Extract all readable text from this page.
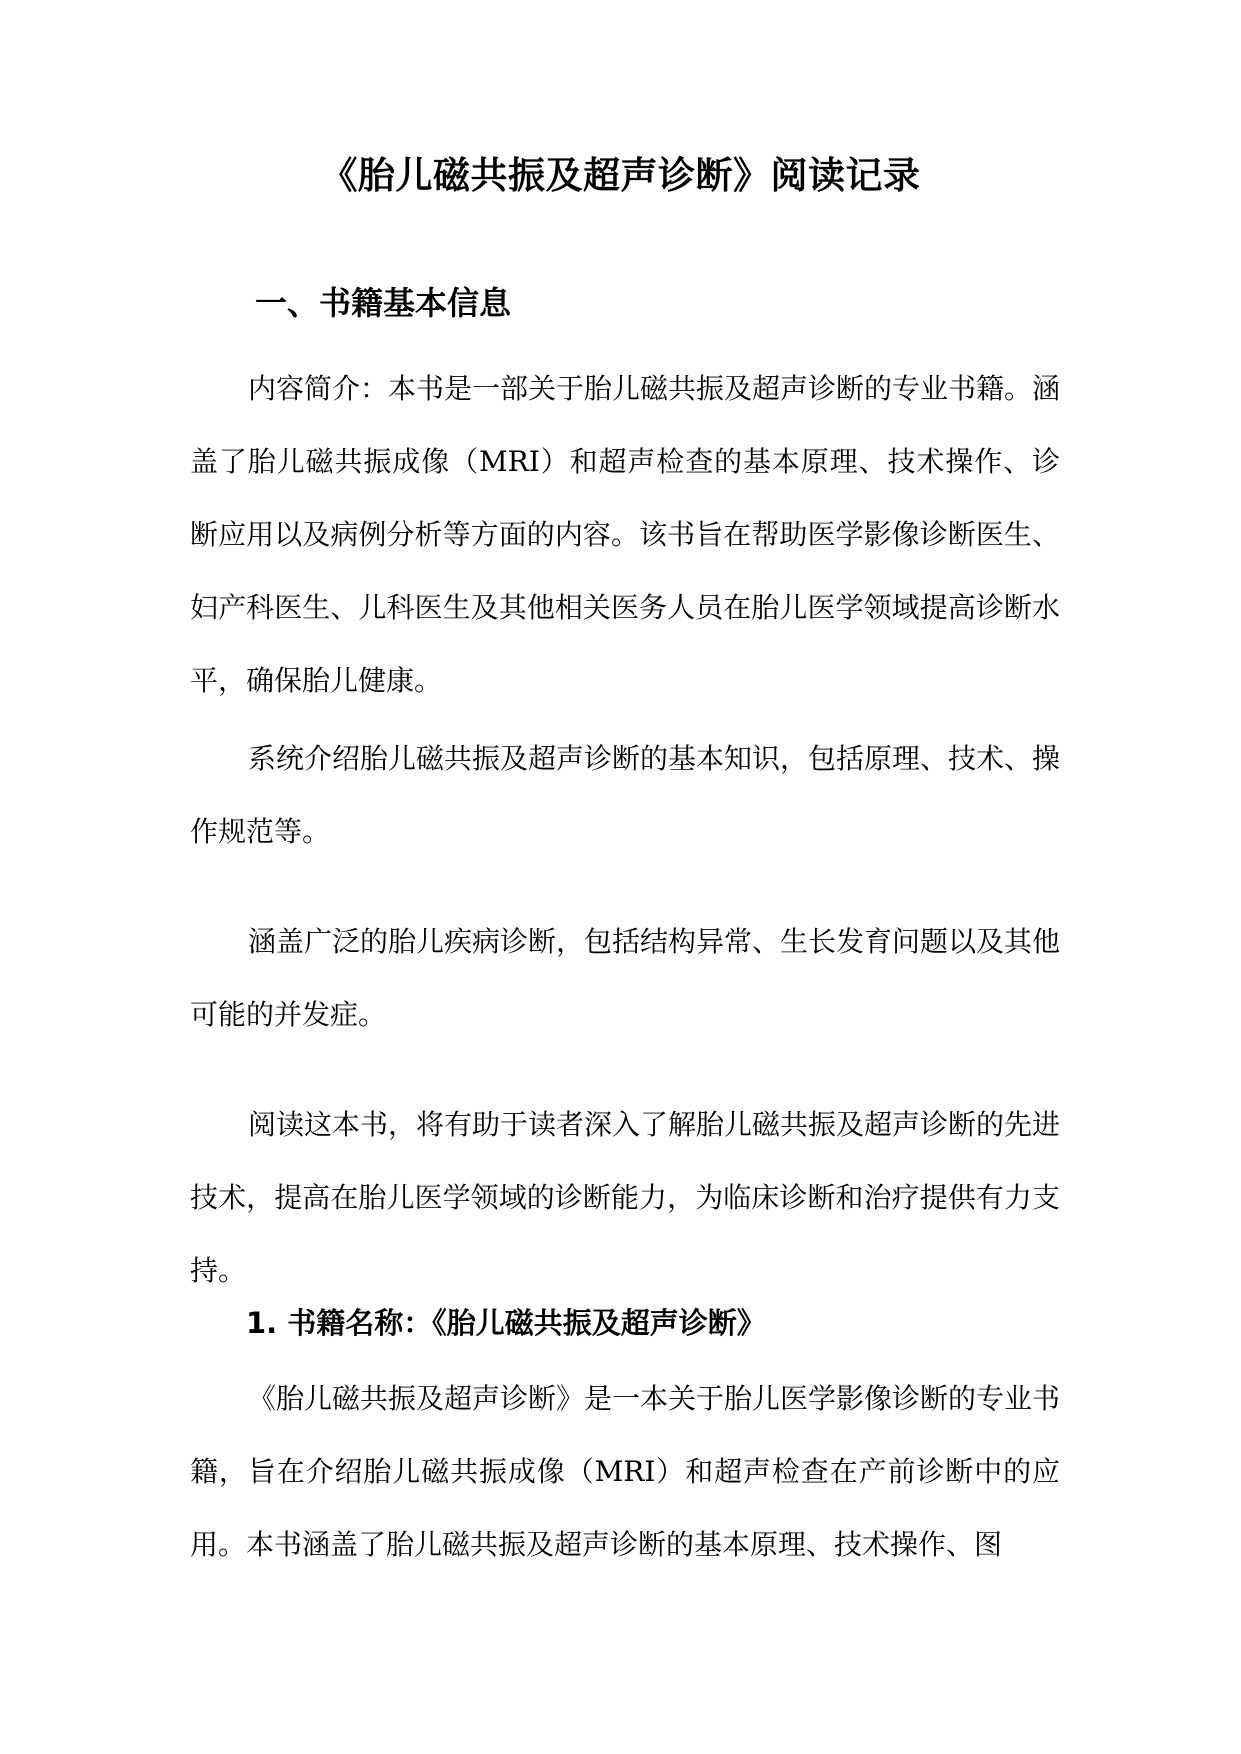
《胎儿磁共振及超声诊断》阅读记录
一、书籍基本信息

内容简介：本书是一部关于胎儿磁共振及超声诊断的专业书籍。涵盖了胎儿磁共振成像（MRI）和超声检查的基本原理、技术操作、诊断应用以及病例分析等方面的内容。该书旨在帮助医学影像诊断医生、妇产科医生、儿科医生及其他相关医务人员在胎儿医学领域提高诊断水平，确保胎儿健康。

系统介绍胎儿磁共振及超声诊断的基本知识，包括原理、技术、操作规范等。

涵盖广泛的胎儿疾病诊断，包括结构异常、生长发育问题以及其他可能的并发症。

阅读这本书，将有助于读者深入了解胎儿磁共振及超声诊断的先进技术，提高在胎儿医学领域的诊断能力，为临床诊断和治疗提供有力支持。

1. 书籍名称：《胎儿磁共振及超声诊断》

《胎儿磁共振及超声诊断》是一本关于胎儿医学影像诊断的专业书籍，旨在介绍胎儿磁共振成像（MRI）和超声检查在产前诊断中的应用。本书涵盖了胎儿磁共振及超声诊断的基本原理、技术操作、图
